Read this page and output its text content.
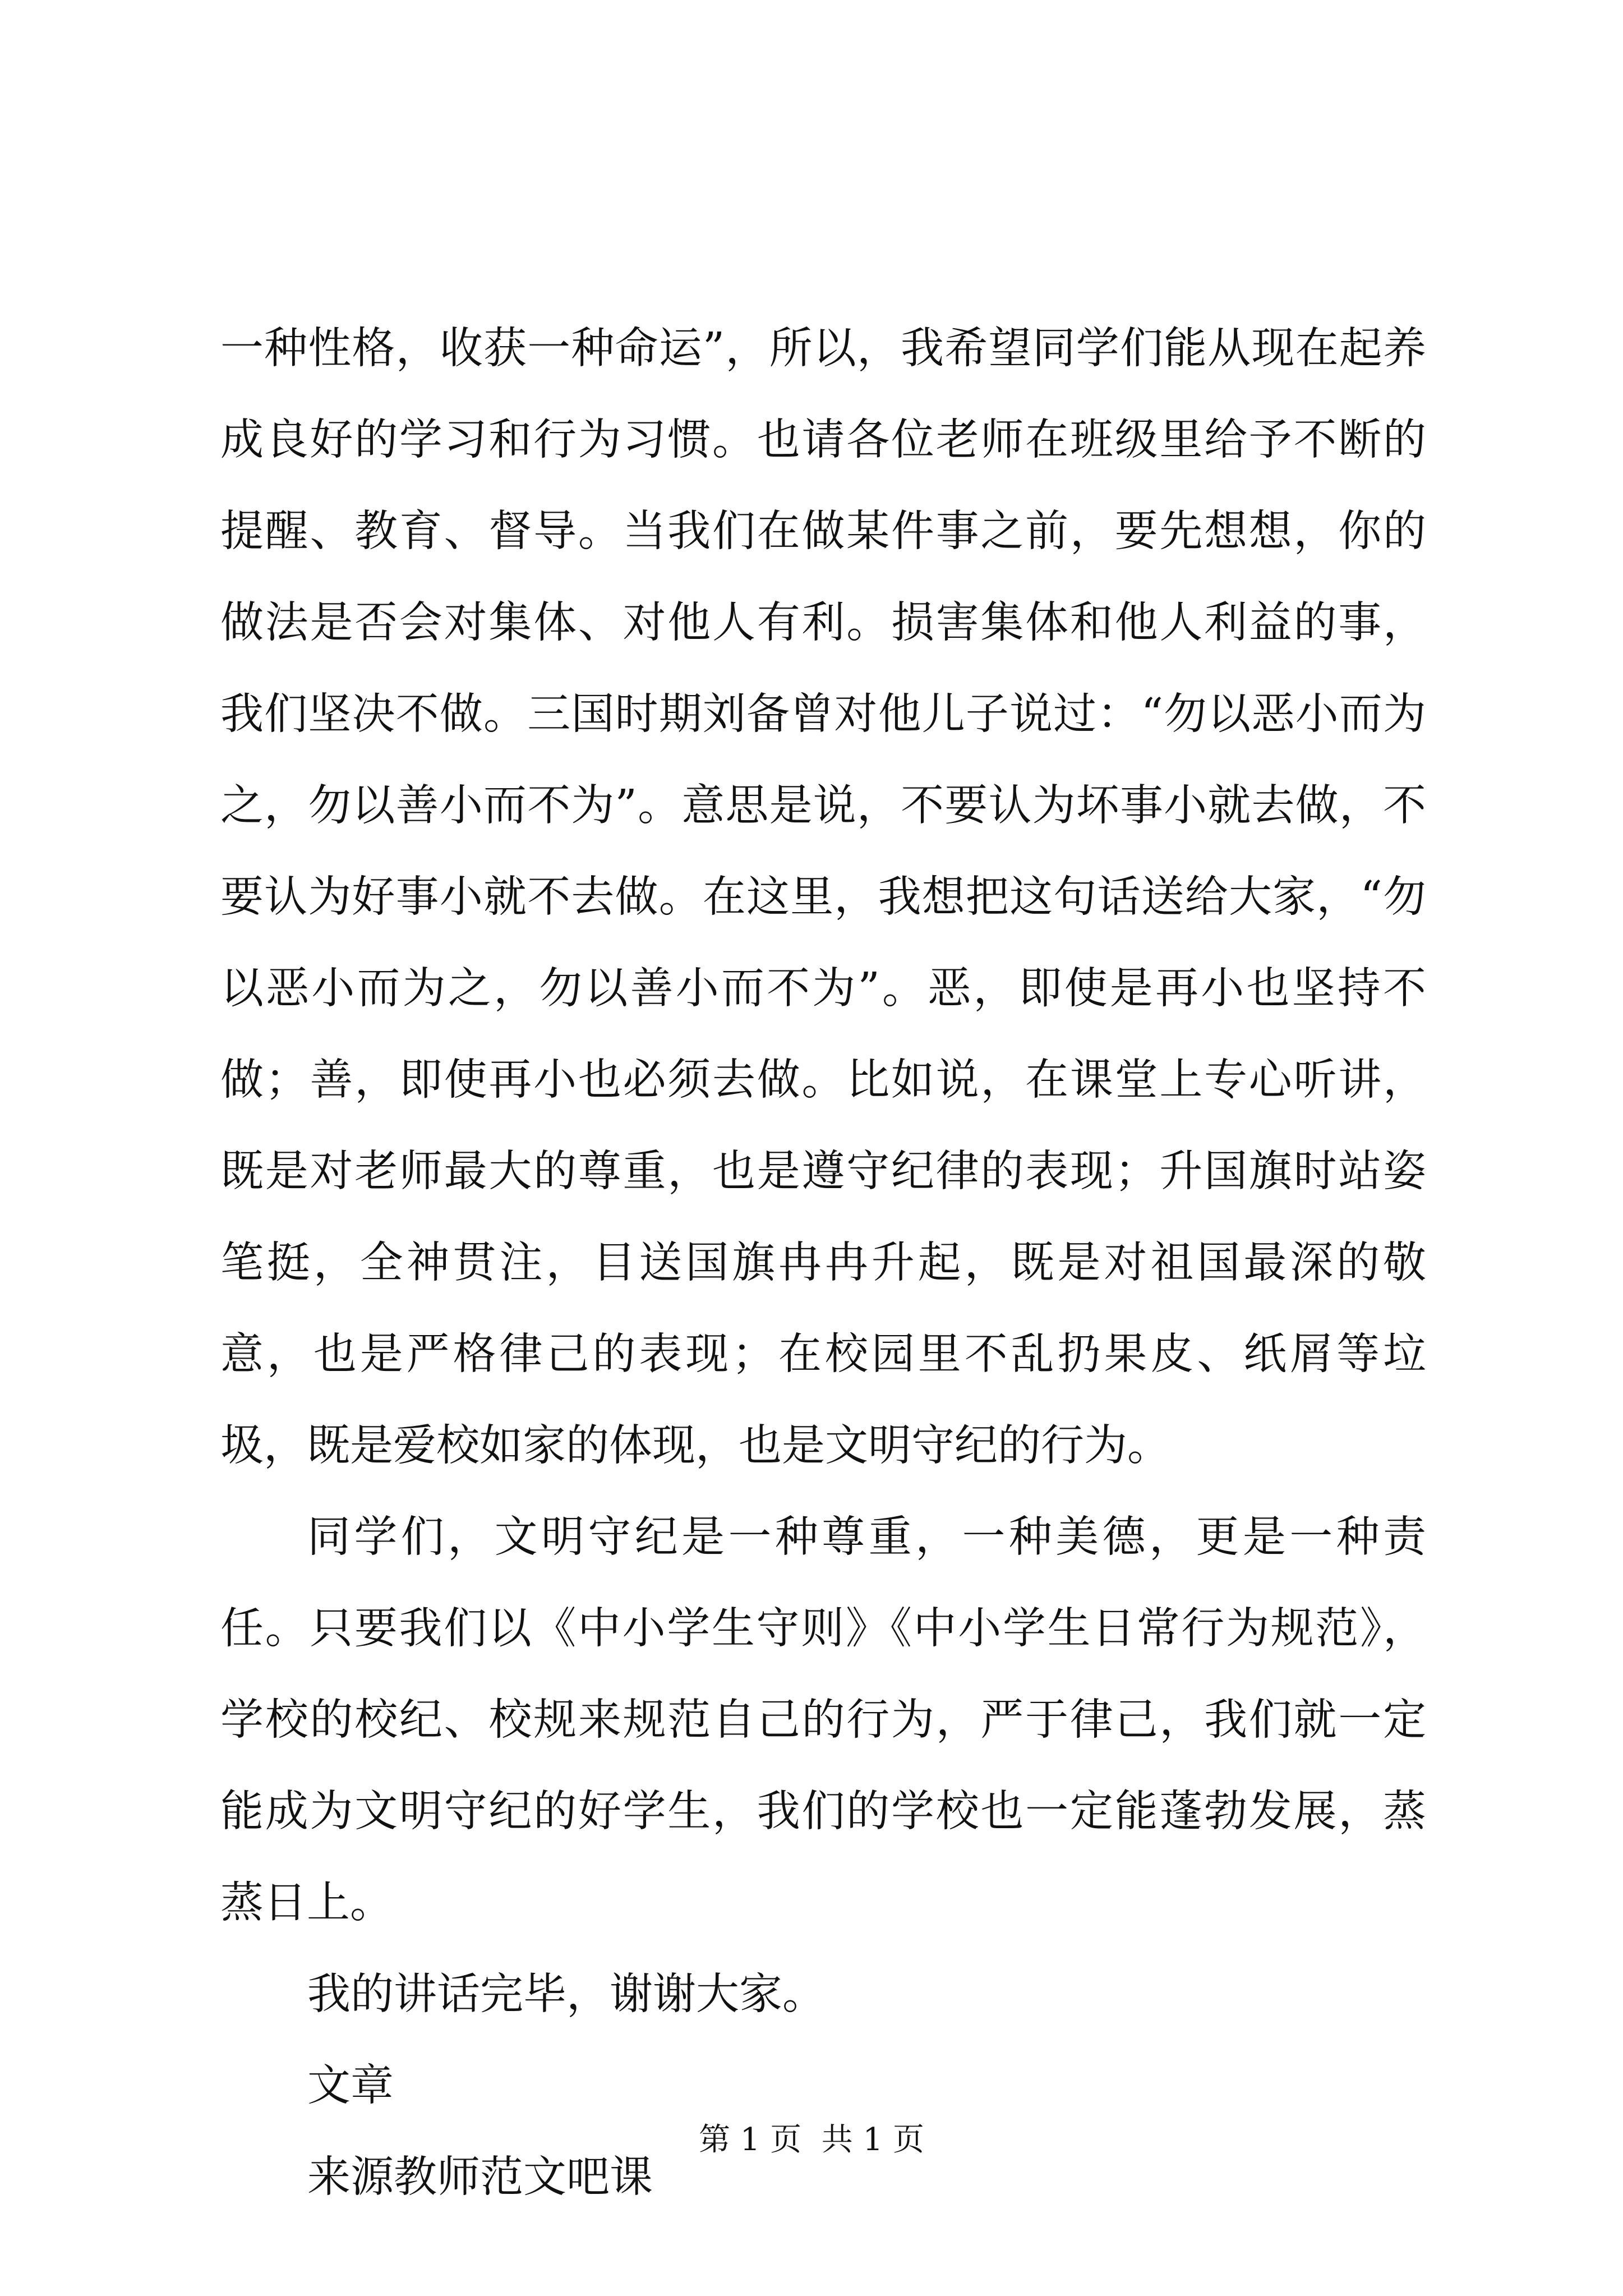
一种性格，收获一种命运”，所以，我希望同学们能从现在起养成良好的学习和行为习惯。也请各位老师在班级里给予不断的提醒、教育、督导。当我们在做某件事之前，要先想想，你的做法是否会对集体、对他人有利。损害集体和他人利益的事，我们坚决不做。三国时期刘备曾对他儿子说过：“勿以恶小而为之，勿以善小而不为”。意思是说，不要认为坏事小就去做，不要认为好事小就不去做。在这里，我想把这句话送给大家，“勿以恶小而为之，勿以善小而不为”。恶，即使是再小也坚持不做；善，即使再小也必须去做。比如说，在课堂上专心听讲，既是对老师最大的尊重，也是遵守纪律的表现；升国旗时站姿笔挺，全神贯注，目送国旗冉冉升起，既是对祖国最深的敬意，也是严格律己的表现；在校园里不乱扔果皮、纸屑等垃圾，既是爱校如家的体现，也是文明守纪的行为。

同学们，文明守纪是一种尊重，一种美德，更是一种责任。只要我们以《中小学生守则》《中小学生日常行为规范》，学校的校纪、校规来规范自己的行为，严于律己，我们就一定能成为文明守纪的好学生，我们的学校也一定能蓬勃发展，蒸蒸日上。

我的讲话完毕，谢谢大家。

文章

来源教师范文吧课

第 1 页  共 1 页
